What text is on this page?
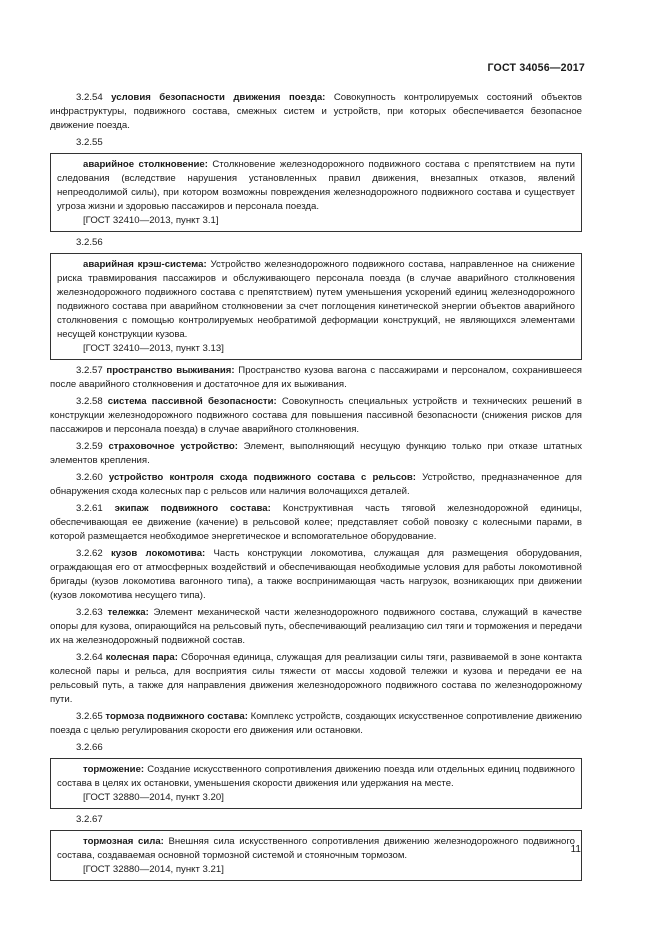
ГОСТ 34056—2017

3.2.54 условия безопасности движения поезда: Совокупность контролируемых состояний объектов инфраструктуры, подвижного состава, смежных систем и устройств, при которых обеспечивается безопасное движение поезда.

3.2.55

аварийное столкновение: Столкновение железнодорожного подвижного состава с препятствием на пути следования (вследствие нарушения установленных правил движения, внезапных отказов, явлений непреодолимой силы), при котором возможны повреждения железнодорожного подвижного состава и существует угроза жизни и здоровью пассажиров и персонала поезда.

[ГОСТ 32410—2013, пункт 3.1]

3.2.56

аварийная крэш-система: Устройство железнодорожного подвижного состава, направленное на снижение риска травмирования пассажиров и обслуживающего персонала поезда (в случае аварийного столкновения железнодорожного подвижного состава с препятствием) путем уменьшения ускорений единиц железнодорожного подвижного состава при аварийном столкновении за счет поглощения кинетической энергии объектов аварийного столкновения с помощью контролируемых необратимой деформации конструкций, не являющихся элементами несущей конструкции кузова.

[ГОСТ 32410—2013, пункт 3.13]

3.2.57 пространство выживания: Пространство кузова вагона с пассажирами и персоналом, сохранившееся после аварийного столкновения и достаточное для их выживания.

3.2.58 система пассивной безопасности: Совокупность специальных устройств и технических решений в конструкции железнодорожного подвижного состава для повышения пассивной безопасности (снижения рисков для пассажиров и персонала поезда) в случае аварийного столкновения.

3.2.59 страховочное устройство: Элемент, выполняющий несущую функцию только при отказе штатных элементов крепления.

3.2.60 устройство контроля схода подвижного состава с рельсов: Устройство, предназначенное для обнаружения схода колесных пар с рельсов или наличия волочащихся деталей.

3.2.61 экипаж подвижного состава: Конструктивная часть тяговой железнодорожной единицы, обеспечивающая ее движение (качение) в рельсовой колее; представляет собой повозку с колесными парами, в которой размещается необходимое энергетическое и вспомогательное оборудование.

3.2.62 кузов локомотива: Часть конструкции локомотива, служащая для размещения оборудования, ограждающая его от атмосферных воздействий и обеспечивающая необходимые условия для работы локомотивной бригады (кузов локомотива вагонного типа), а также воспринимающая часть нагрузок, возникающих при движении (кузов локомотива несущего типа).

3.2.63 тележка: Элемент механической части железнодорожного подвижного состава, служащий в качестве опоры для кузова, опирающийся на рельсовый путь, обеспечивающий реализацию сил тяги и торможения и передачи их на железнодорожный подвижной состав.

3.2.64 колесная пара: Сборочная единица, служащая для реализации силы тяги, развиваемой в зоне контакта колесной пары и рельса, для восприятия силы тяжести от массы ходовой тележки и кузова и передачи ее на рельсовый путь, а также для направления движения железнодорожного подвижного состава по железнодорожному пути.

3.2.65 тормоза подвижного состава: Комплекс устройств, создающих искусственное сопротивление движению поезда с целью регулирования скорости его движения или остановки.

3.2.66

торможение: Создание искусственного сопротивления движению поезда или отдельных единиц подвижного состава в целях их остановки, уменьшения скорости движения или удержания на месте.

[ГОСТ 32880—2014, пункт 3.20]

3.2.67

тормозная сила: Внешняя сила искусственного сопротивления движению железнодорожного подвижного состава, создаваемая основной тормозной системой и стояночным тормозом.

[ГОСТ 32880—2014, пункт 3.21]

11
